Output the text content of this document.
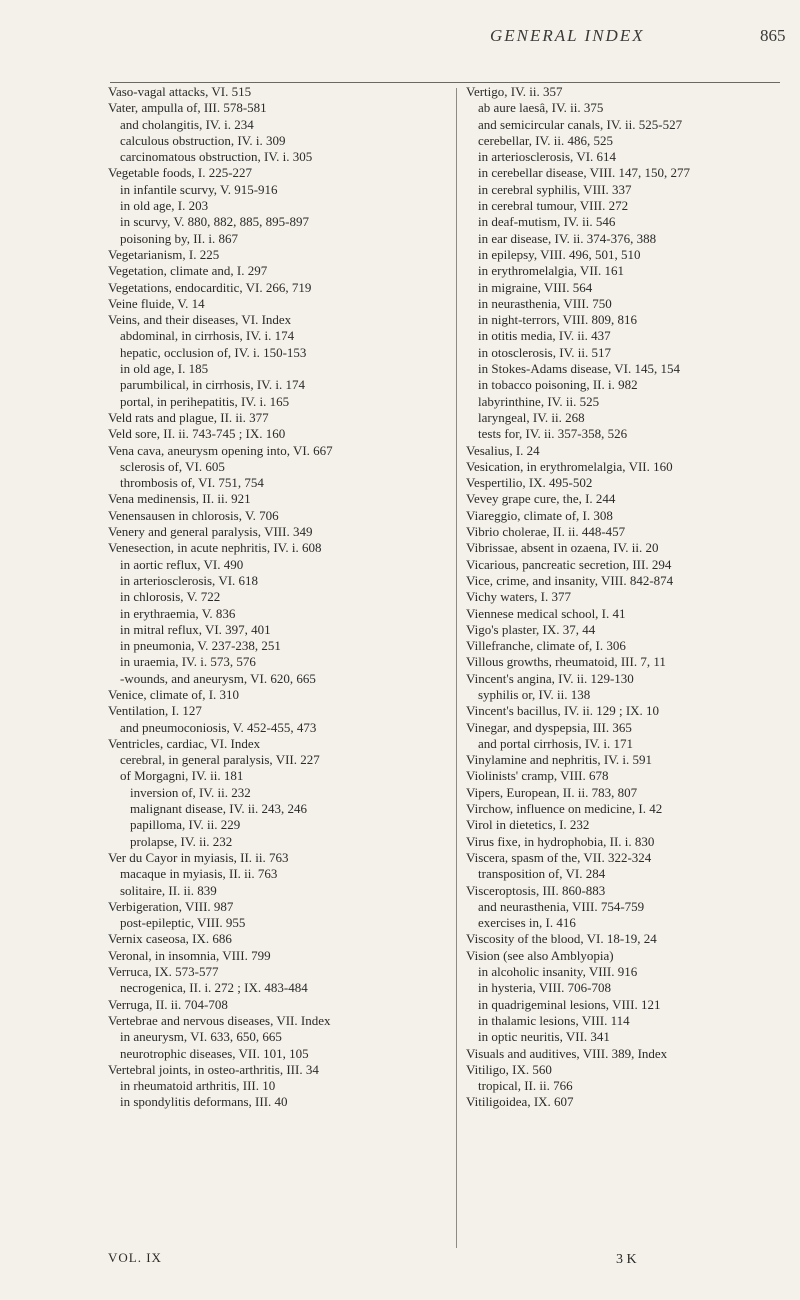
GENERAL INDEX	865
Vaso-vagal attacks, VI. 515
Vater, ampulla of, III. 578-581
and cholangitis, IV. i. 234
calculous obstruction, IV. i. 309
carcinomatous obstruction, IV. i. 305
Vegetable foods, I. 225-227
in infantile scurvy, V. 915-916
in old age, I. 203
in scurvy, V. 880, 882, 885, 895-897
poisoning by, II. i. 867
Vegetarianism, I. 225
Vegetation, climate and, I. 297
Vegetations, endocarditic, VI. 266, 719
Veine fluide, V. 14
Veins, and their diseases, VI. Index
abdominal, in cirrhosis, IV. i. 174
hepatic, occlusion of, IV. i. 150-153
in old age, I. 185
parumbilical, in cirrhosis, IV. i. 174
portal, in perihepatitis, IV. i. 165
Veld rats and plague, II. ii. 377
Veld sore, II. ii. 743-745 ; IX. 160
Vena cava, aneurysm opening into, VI. 667
sclerosis of, VI. 605
thrombosis of, VI. 751, 754
Vena medinensis, II. ii. 921
Venensausen in chlorosis, V. 706
Venery and general paralysis, VIII. 349
Venesection, in acute nephritis, IV. i. 608
in aortic reflux, VI. 490
in arteriosclerosis, VI. 618
in chlorosis, V. 722
in erythraemia, V. 836
in mitral reflux, VI. 397, 401
in pneumonia, V. 237-238, 251
in uraemia, IV. i. 573, 576
-wounds, and aneurysm, VI. 620, 665
Venice, climate of, I. 310
Ventilation, I. 127
and pneumoconiosis, V. 452-455, 473
Ventricles, cardiac, VI. Index
cerebral, in general paralysis, VII. 227
of Morgagni, IV. ii. 181
inversion of, IV. ii. 232
malignant disease, IV. ii. 243, 246
papilloma, IV. ii. 229
prolapse, IV. ii. 232
Ver du Cayor in myiasis, II. ii. 763
macaque in myiasis, II. ii. 763
solitaire, II. ii. 839
Verbigeration, VIII. 987
post-epileptic, VIII. 955
Vernix caseosa, IX. 686
Veronal, in insomnia, VIII. 799
Verruca, IX. 573-577
necrogenica, II. i. 272 ; IX. 483-484
Verruga, II. ii. 704-708
Vertebrae and nervous diseases, VII. Index
in aneurysm, VI. 633, 650, 665
neurotrophic diseases, VII. 101, 105
Vertebral joints, in osteo-arthritis, III. 34
in rheumatoid arthritis, III. 10
in spondylitis deformans, III. 40
Vertigo, IV. ii. 357
ab aure laesâ, IV. ii. 375
and semicircular canals, IV. ii. 525-527
cerebellar, IV. ii. 486, 525
in arteriosclerosis, VI. 614
in cerebellar disease, VIII. 147, 150, 277
in cerebral syphilis, VIII. 337
in cerebral tumour, VIII. 272
in deaf-mutism, IV. ii. 546
in ear disease, IV. ii. 374-376, 388
in epilepsy, VIII. 496, 501, 510
in erythromelalgia, VII. 161
in migraine, VIII. 564
in neurasthenia, VIII. 750
in night-terrors, VIII. 809, 816
in otitis media, IV. ii. 437
in otosclerosis, IV. ii. 517
in Stokes-Adams disease, VI. 145, 154
in tobacco poisoning, II. i. 982
labyrinthine, IV. ii. 525
laryngeal, IV. ii. 268
tests for, IV. ii. 357-358, 526
Vesalius, I. 24
Vesication, in erythromelalgia, VII. 160
Vespertilio, IX. 495-502
Vevey grape cure, the, I. 244
Viareggio, climate of, I. 308
Vibrio cholerae, II. ii. 448-457
Vibrissae, absent in ozaena, IV. ii. 20
Vicarious, pancreatic secretion, III. 294
Vice, crime, and insanity, VIII. 842-874
Vichy waters, I. 377
Viennese medical school, I. 41
Vigo's plaster, IX. 37, 44
Villefranche, climate of, I. 306
Villous growths, rheumatoid, III. 7, 11
Vincent's angina, IV. ii. 129-130
syphilis or, IV. ii. 138
Vincent's bacillus, IV. ii. 129 ; IX. 10
Vinegar, and dyspepsia, III. 365
and portal cirrhosis, IV. i. 171
Vinylamine and nephritis, IV. i. 591
Violinists' cramp, VIII. 678
Vipers, European, II. ii. 783, 807
Virchow, influence on medicine, I. 42
Virol in dietetics, I. 232
Virus fixe, in hydrophobia, II. i. 830
Viscera, spasm of the, VII. 322-324
transposition of, VI. 284
Visceroptosis, III. 860-883
and neurasthenia, VIII. 754-759
exercises in, I. 416
Viscosity of the blood, VI. 18-19, 24
Vision (see also Amblyopia)
in alcoholic insanity, VIII. 916
in hysteria, VIII. 706-708
in quadrigeminal lesions, VIII. 121
in thalamic lesions, VIII. 114
in optic neuritis, VII. 341
Visuals and auditives, VIII. 389, Index
Vitiligo, IX. 560
tropical, II. ii. 766
Vitiligoidea, IX. 607
VOL. IX	3 K
